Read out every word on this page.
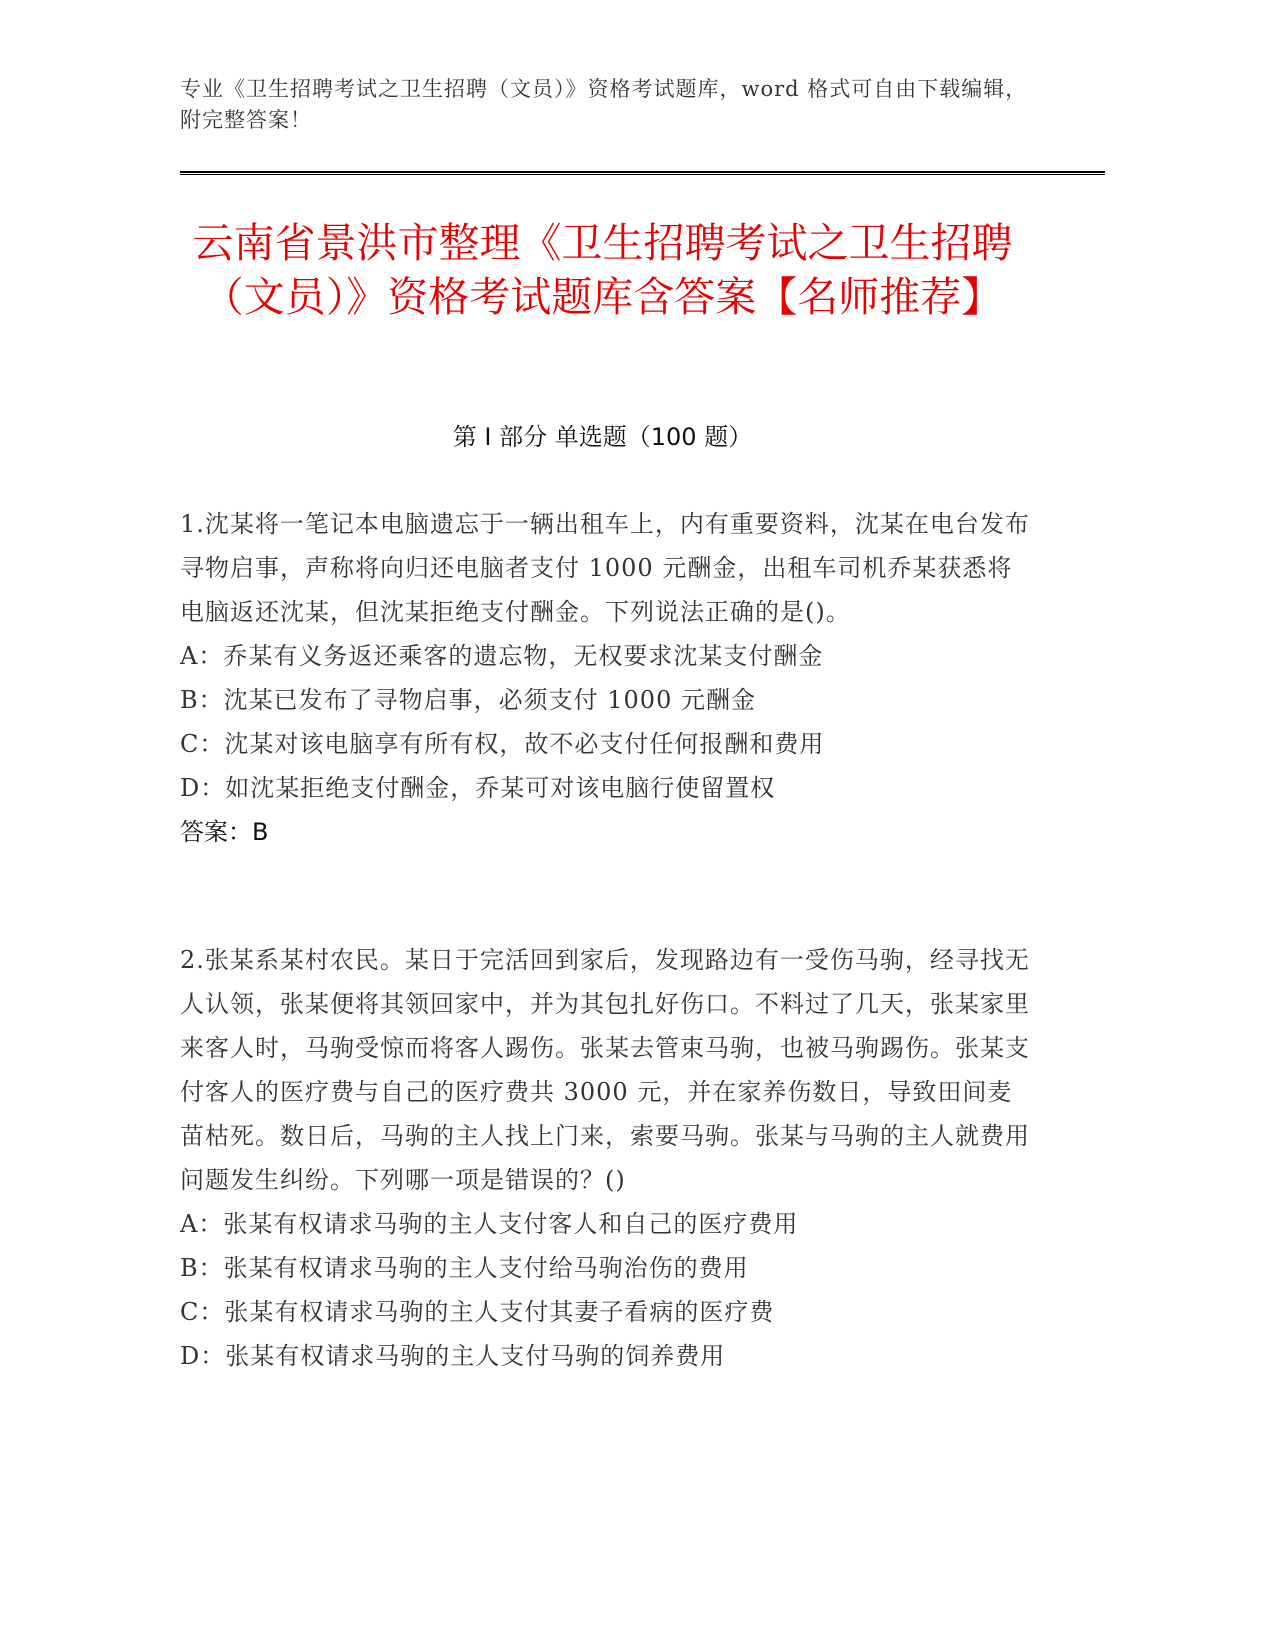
专业《卫生招聘考试之卫生招聘（文员）》资格考试题库，word 格式可自由下载编辑，附完整答案！
云南省景洪市整理《卫生招聘考试之卫生招聘（文员）》资格考试题库含答案【名师推荐】
第 I 部分 单选题（100 题）
1.沈某将一笔记本电脑遗忘于一辆出租车上，内有重要资料，沈某在电台发布寻物启事，声称将向归还电脑者支付 1000 元酬金，出租车司机乔某获悉将电脑返还沈某，但沈某拒绝支付酬金。下列说法正确的是()。
A：乔某有义务返还乘客的遗忘物，无权要求沈某支付酬金
B：沈某已发布了寻物启事，必须支付 1000 元酬金
C：沈某对该电脑享有所有权，故不必支付任何报酬和费用
D：如沈某拒绝支付酬金，乔某可对该电脑行使留置权
答案：B
2.张某系某村农民。某日于完活回到家后，发现路边有一受伤马驹，经寻找无人认领，张某便将其领回家中，并为其包扎好伤口。不料过了几天，张某家里来客人时，马驹受惊而将客人踢伤。张某去管束马驹，也被马驹踢伤。张某支付客人的医疗费与自己的医疗费共 3000 元，并在家养伤数日，导致田间麦苗枯死。数日后，马驹的主人找上门来，索要马驹。张某与马驹的主人就费用问题发生纠纷。下列哪一项是错误的？()
A：张某有权请求马驹的主人支付客人和自己的医疗费用
B：张某有权请求马驹的主人支付给马驹治伤的费用
C：张某有权请求马驹的主人支付其妻子看病的医疗费
D：张某有权请求马驹的主人支付马驹的饲养费用
